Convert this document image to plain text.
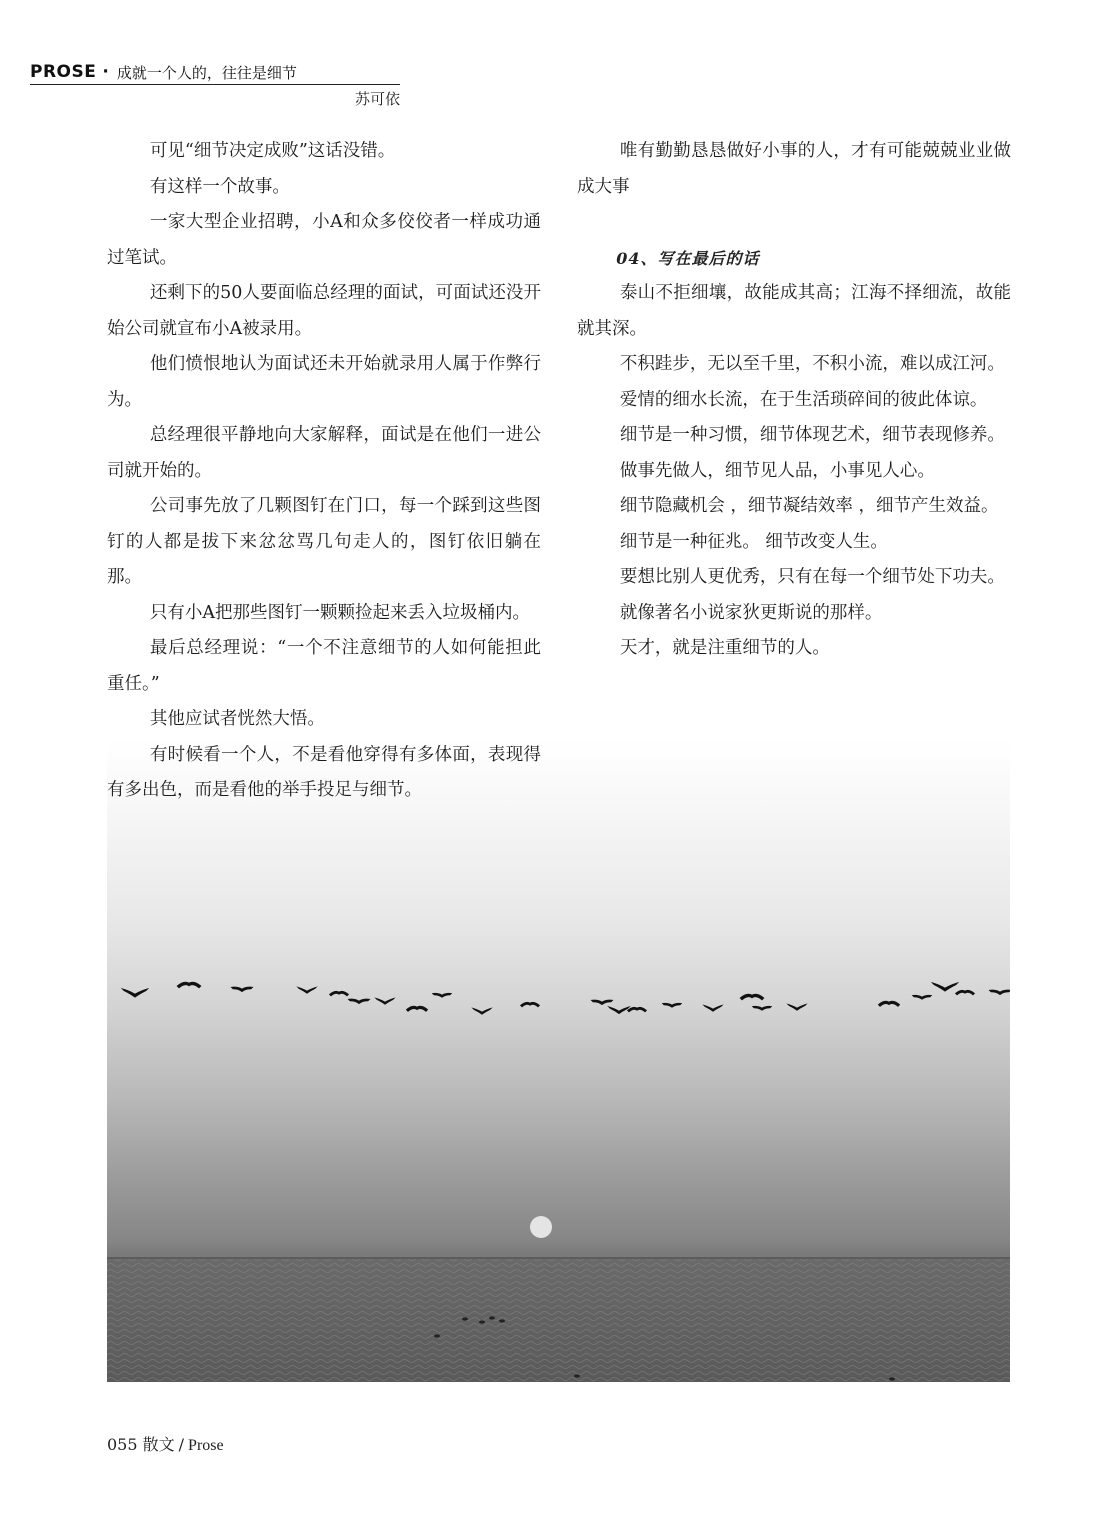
PROSE · 成就一个人的，往往是细节
苏可依

可见“细节决定成败”这话没错。

有这样一个故事。

一家大型企业招聘，小A和众多佼佼者一样成功通过笔试。

还剩下的50人要面临总经理的面试，可面试还没开始公司就宣布小A被录用。

他们愤恨地认为面试还未开始就录用人属于作弊行为。

总经理很平静地向大家解释，面试是在他们一进公司就开始的。

公司事先放了几颗图钉在门口，每一个踩到这些图钉的人都是拔下来忿忿骂几句走人的，图钉依旧躺在那。

只有小A把那些图钉一颗颗捡起来丢入垃圾桶内。

最后总经理说：“一个不注意细节的人如何能担此重任。”

其他应试者恍然大悟。

有时候看一个人，不是看他穿得有多体面，表现得有多出色，而是看他的举手投足与细节。

唯有勤勤恳恳做好小事的人，才有可能兢兢业业做成大事

04、写在最后的话

泰山不拒细壤，故能成其高；江海不择细流，故能就其深。

不积跬步，无以至千里，不积小流，难以成江河。

爱情的细水长流，在于生活琐碎间的彼此体谅。

细节是一种习惯，细节体现艺术，细节表现修养。

做事先做人，细节见人品，小事见人心。

细节隐藏机会 ，细节凝结效率 ，细节产生效益。

细节是一种征兆。 细节改变人生。

要想比别人更优秀，只有在每一个细节处下功夫。

就像著名小说家狄更斯说的那样。

天才，就是注重细节的人。

055 散文 / Prose
